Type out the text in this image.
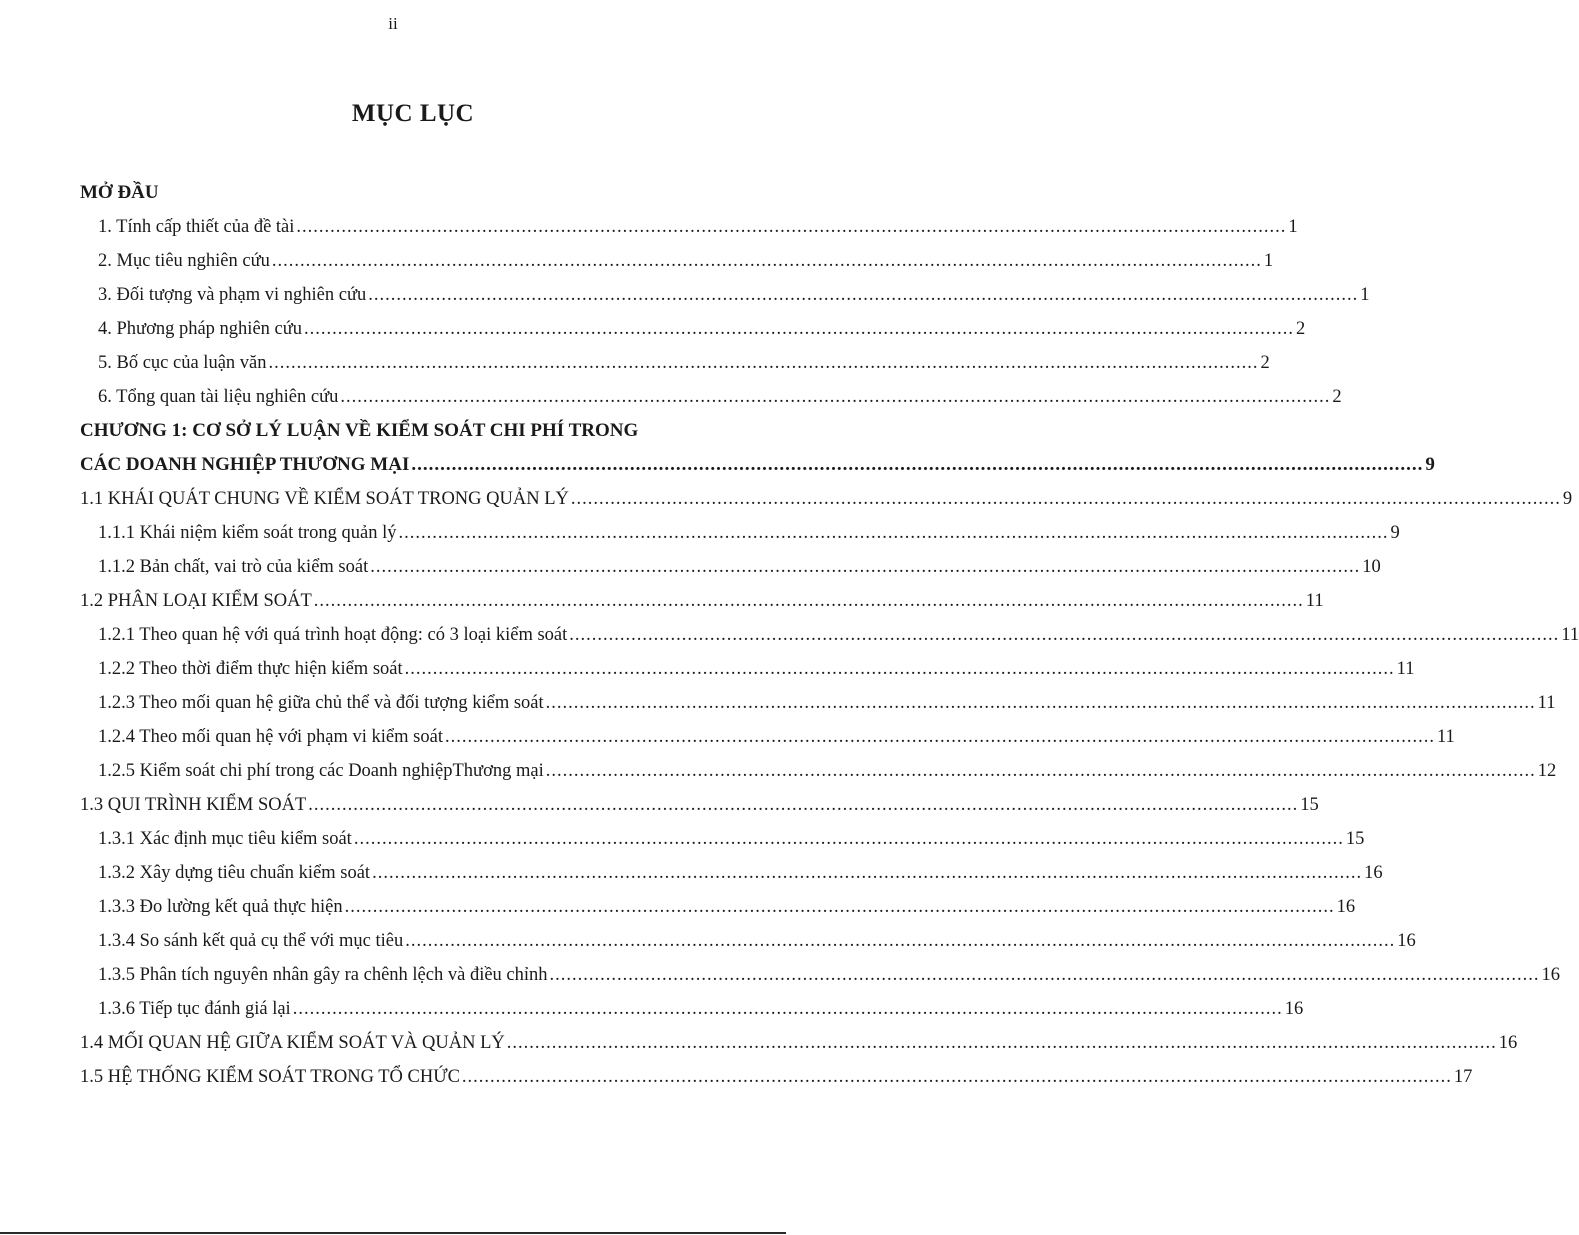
ii
MỤC LỤC
MỞ ĐẦU
1. Tính cấp thiết của đề tài ................................................................................................................................................................................ 1
2. Mục tiêu nghiên cứu ................................................................................................................................................................................ 1
3. Đối tượng và phạm vi nghiên cứu ................................................................................................................................................................................ 1
4. Phương pháp nghiên cứu ................................................................................................................................................................................ 2
5. Bố cục của luận văn ................................................................................................................................................................................ 2
6. Tổng quan tài liệu nghiên cứu ................................................................................................................................................................................ 2
CHƯƠNG 1: CƠ SỞ LÝ LUẬN VỀ KIỂM SOÁT CHI PHÍ TRONG
CÁC DOANH NGHIỆP THƯƠNG MẠI ................................................................................................................................................................................ 9
1.1 KHÁI QUÁT CHUNG VỀ KIỂM SOÁT TRONG QUẢN LÝ ................................................................................................................................................................................ 9
1.1.1 Khái niệm kiểm soát trong quản lý ................................................................................................................................................................................ 9
1.1.2 Bản chất, vai trò của kiểm soát ................................................................................................................................................................................ 10
1.2 PHÂN LOẠI KIỂM SOÁT ................................................................................................................................................................................ 11
1.2.1 Theo quan hệ với quá trình hoạt động: có 3 loại kiểm soát ................................................................................................................................................................................ 11
1.2.2 Theo thời điểm thực hiện kiểm soát ................................................................................................................................................................................ 11
1.2.3 Theo mối quan hệ giữa chủ thể và đối tượng kiểm soát ................................................................................................................................................................................ 11
1.2.4 Theo mối quan hệ với phạm vi kiểm soát ................................................................................................................................................................................ 11
1.2.5 Kiểm soát chi phí trong các Doanh nghiệpThương mại ................................................................................................................................................................................ 12
1.3 QUI TRÌNH KIỂM SOÁT ................................................................................................................................................................................ 15
1.3.1 Xác định mục tiêu kiểm soát ................................................................................................................................................................................ 15
1.3.2 Xây dựng tiêu chuẩn kiểm soát ................................................................................................................................................................................ 16
1.3.3 Đo lường kết quả thực hiện ................................................................................................................................................................................ 16
1.3.4 So sánh kết quả cụ thể với mục tiêu ................................................................................................................................................................................ 16
1.3.5 Phân tích nguyên nhân gây ra chênh lệch và điều chỉnh ................................................................................................................................................................................ 16
1.3.6 Tiếp tục đánh giá lại ................................................................................................................................................................................ 16
1.4 MỐI QUAN HỆ GIỮA KIỂM SOÁT VÀ QUẢN LÝ ................................................................................................................................................................................ 16
1.5 HỆ THỐNG KIỂM SOÁT TRONG TỔ CHỨC ................................................................................................................................................................................ 17
